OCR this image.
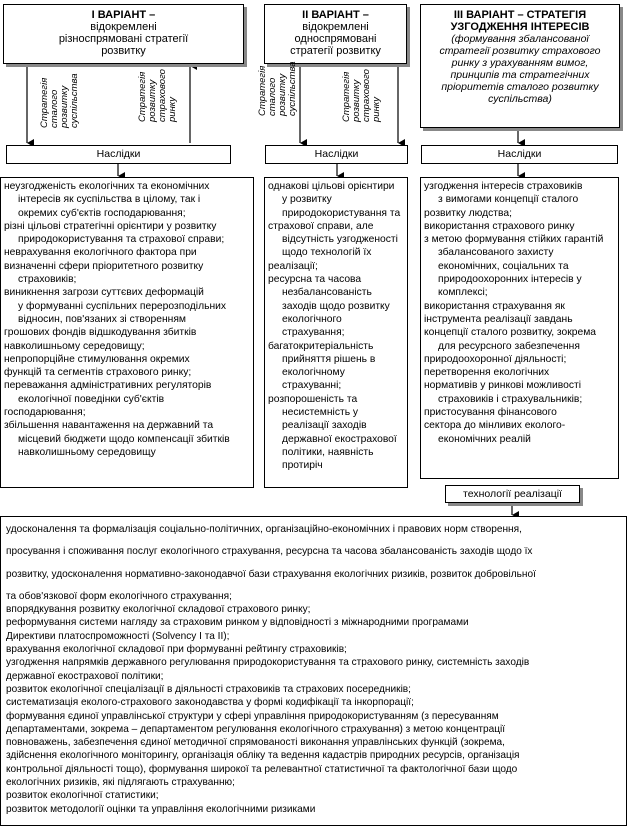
I ВАРІАНТ –
відокремлені різноспрямовані стратегії розвитку
ІІ ВАРІАНТ –
відокремлені односпрямовані стратегії розвитку
ІІІ ВАРІАНТ – СТРАТЕГІЯ УЗГОДЖЕННЯ ІНТЕРЕСІВ

(формування збалансованої стратегії розвитку страхового ринку з урахуванням вимог, принципів та стратегічних пріоритетів сталого розвитку суспільства)
Стратегія сталого розвитку суспільства	Стратегія розвитку страхового ринку	Стратегія сталого розвитку суспільства	Стратегія розвитку страхового ринку
Наслідки	Наслідки	Наслідки
неузгодженість екологічних та економічних
інтересів як суспільства в цілому, так і
окремих суб'єктів господарювання;
різні цільові стратегічні орієнтири у розвитку
природокористування та страхової справи;
неврахування екологічного фактора при
визначенні сфери пріоритетного розвитку
страховиків;
виникнення загрози суттєвих деформацій
у формуванні суспільних перерозподільних
відносин, пов'язаних зі створенням
грошових фондів відшкодування збитків
навколишньому середовищу;
непропорційне стимулювання окремих
функцій та сегментів страхового ринку;
переважання адміністративних регуляторів
екологічної поведінки суб'єктів
господарювання;
збільшення навантаження на державний та
місцевий бюджети щодо компенсації збитків
навколишньому середовищу
однакові цільові орієнтири
у розвитку
природокористування та
страхової справи, але
відсутність узгодженості
щодо технологій їх
реалізації;
ресурсна та часова
незбалансованість
заходів щодо розвитку
екологічного
страхування;
багатокритеріальність
прийняття рішень в
екологічному
страхуванні;
розпорошеність та
несистемність у
реалізації заходів
державної екострахової
політики, наявність
протиріч
узгодження інтересів страховиків
з вимогами концепції сталого
розвитку людства;
використання страхового ринку
з метою формування стійких гарантій
збалансованого захисту
економічних, соціальних та
природоохоронних інтересів у
комплексі;
використання страхування як
інструмента реалізації завдань
концепції сталого розвитку, зокрема
для ресурсного забезпечення
природоохоронної діяльності;
перетворення екологічних
нормативів у ринкові можливості
страховиків і страхувальників;
пристосування фінансового
сектора до мінливих еколого-
економічних реалій
технології реалізації
удосконалення та формалізація соціально-політичних, організаційно-економічних і правових норм створення,
просування і споживання послуг екологічного страхування, ресурсна та часова збалансованість заходів щодо їх
розвитку, удосконалення нормативно-законодавчої бази страхування екологічних ризиків, розвиток добровільної
та обов'язкової форм екологічного страхування;
впорядкування розвитку екологічної складової страхового ринку;
реформування системи нагляду за страховим ринком у відповідності з міжнародними програмами
Директиви платоспроможності (Solvency I та II);
врахування екологічної складової при формуванні рейтингу страховиків;
узгодження напрямків державного регулювання природокористування та страхового ринку, системність заходів
державної екострахової політики;
розвиток екологічної спеціалізації в діяльності страховиків та страхових посередників;
систематизація еколого-страхового законодавства у формі кодифікації та інкорпорації;
формування єдиної управлінської структури у сфері управління природокористуванням (з пересуванням
департаментами, зокрема – департаментом регулювання екологічного страхування) з метою концентрації
повноважень, забезпечення єдиної методичної спрямованості виконання управлінських функцій (зокрема,
здійснення екологічного моніторингу, організація обліку та ведення кадастрів природних ресурсів, організація
контрольної діяльності тощо), формування широкої та релевантної статистичної та фактологічної бази щодо
екологічних ризиків, які підлягають страхуванню;
розвиток екологічної статистики;
розвиток методології оцінки та управління екологічними ризиками
